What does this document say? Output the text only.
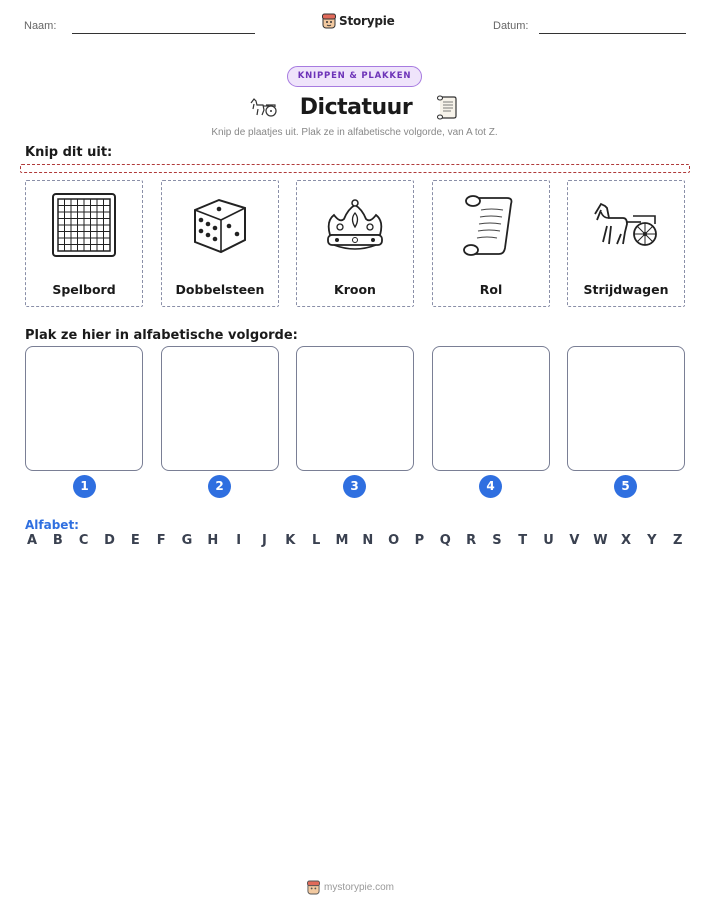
Naam:	Storypie	Datum:
KNIPPEN & PLAKKEN
Dictatuur
Knip de plaatjes uit. Plak ze in alfabetische volgorde, van A tot Z.
Knip dit uit:
Spelbord	Dobbelsteen	Kroon	Rol	Strijdwagen
Plak ze hier in alfabetische volgorde:
1	2	3	4	5
Alfabet:
A B C D E F G H	I	J	K L M N O P Q R S T U V W X Y Z
mystorypie.com
